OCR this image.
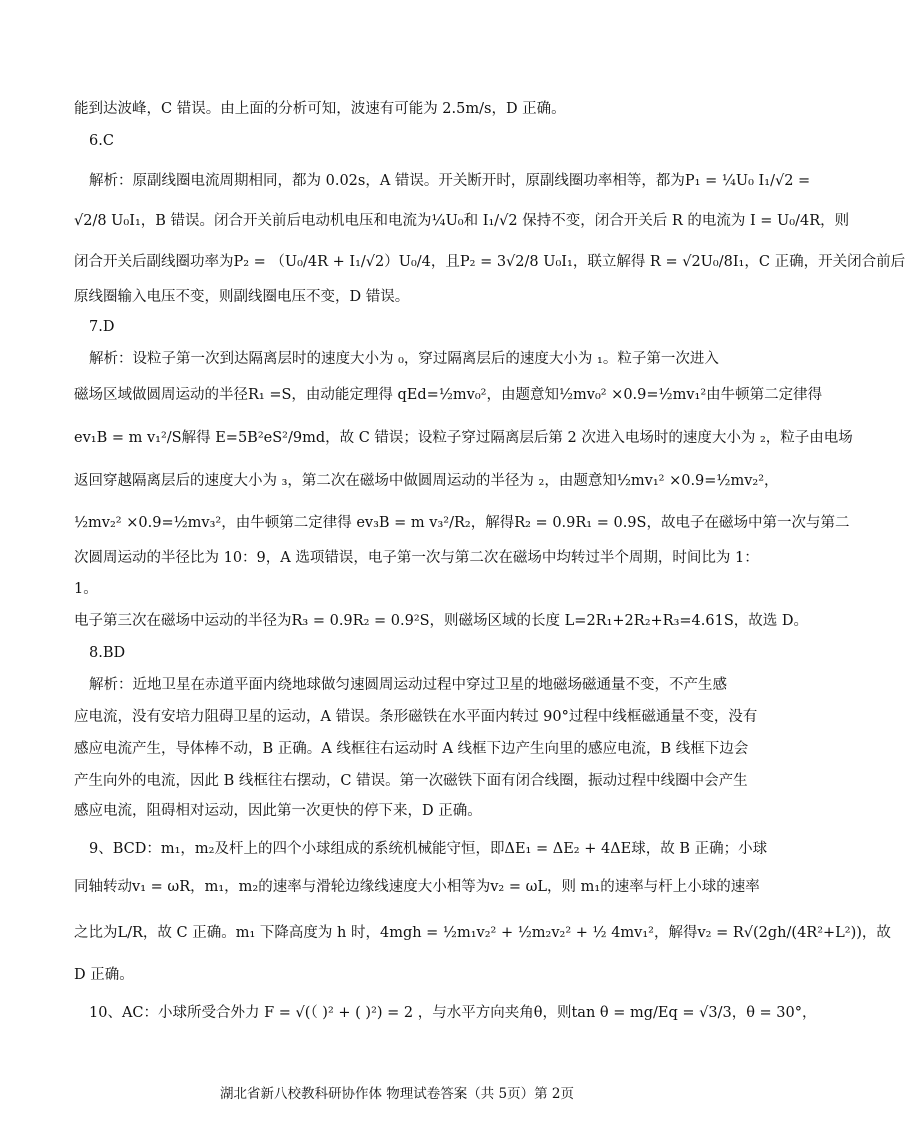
能到达波峰，C 错误。由上面的分析可知，波速有可能为 2.5m/s，D 正确。
6.C
解析：原副线圈电流周期相同，都为 0.02s，A 错误。开关断开时，原副线圈功率相等，都为P₁ = ¼U₀ I₁/√2 =
√2/8 U₀I₁，B 错误。闭合开关前后电动机电压和电流为¼U₀和 I₁/√2 保持不变，闭合开关后 R 的电流为 I = U₀/4R，则
闭合开关后副线圈功率为P₂ = （U₀/4R + I₁/√2）U₀/4，且P₂ = 3√2/8 U₀I₁，联立解得 R = √2U₀/8I₁，C 正确，开关闭合前后
原线圈输入电压不变，则副线圈电压不变，D 错误。
7.D
解析：设粒子第一次到达隔离层时的速度大小为 ₀，穿过隔离层后的速度大小为 ₁。粒子第一次进入
磁场区域做圆周运动的半径R₁ =S，由动能定理得 qEd=½mv₀²，由题意知½mv₀² ×0.9=½mv₁²由牛顿第二定律得
ev₁B = m v₁²/S解得 E=5B²eS²/9md，故 C 错误；设粒子穿过隔离层后第 2 次进入电场时的速度大小为 ₂，粒子由电场
返回穿越隔离层后的速度大小为 ₃，第二次在磁场中做圆周运动的半径为 ₂，由题意知½mv₁² ×0.9=½mv₂²，
½mv₂² ×0.9=½mv₃²，由牛顿第二定律得 ev₃B = m v₃²/R₂，解得R₂ = 0.9R₁ = 0.9S，故电子在磁场中第一次与第二
次圆周运动的半径比为 10：9，A 选项错误，电子第一次与第二次在磁场中均转过半个周期，时间比为 1：
1。
电子第三次在磁场中运动的半径为R₃ = 0.9R₂ = 0.9²S，则磁场区域的长度 L=2R₁+2R₂+R₃=4.61S，故选 D。
8.BD
解析：近地卫星在赤道平面内绕地球做匀速圆周运动过程中穿过卫星的地磁场磁通量不变，不产生感
应电流，没有安培力阻碍卫星的运动，A 错误。条形磁铁在水平面内转过 90°过程中线框磁通量不变，没有
感应电流产生，导体棒不动，B 正确。A 线框往右运动时 A 线框下边产生向里的感应电流，B 线框下边会
产生向外的电流，因此 B 线框往右摆动，C 错误。第一次磁铁下面有闭合线圈，振动过程中线圈中会产生
感应电流，阻碍相对运动，因此第一次更快的停下来，D 正确。
9、BCD：m₁，m₂及杆上的四个小球组成的系统机械能守恒，即ΔE₁ = ΔE₂ + 4ΔE球，故 B 正确；小球
同轴转动v₁ = ωR，m₁，m₂的速率与滑轮边缘线速度大小相等为v₂ = ωL，则 m₁的速率与杆上小球的速率
之比为L/R，故 C 正确。m₁ 下降高度为 h 时，4mgh = ½m₁v₂² + ½m₂v₂² + ½ 4mv₁²，解得v₂ = R√(2gh/(4R²+L²))，故
D 正确。
10、AC：小球所受合外力 F = √(（ )² + ( )²) = 2 ，与水平方向夹角θ，则tan θ = mg/Eq = √3/3，θ = 30°，
湖北省新八校教科研协作体 物理试卷答案（共 5页）第 2页
